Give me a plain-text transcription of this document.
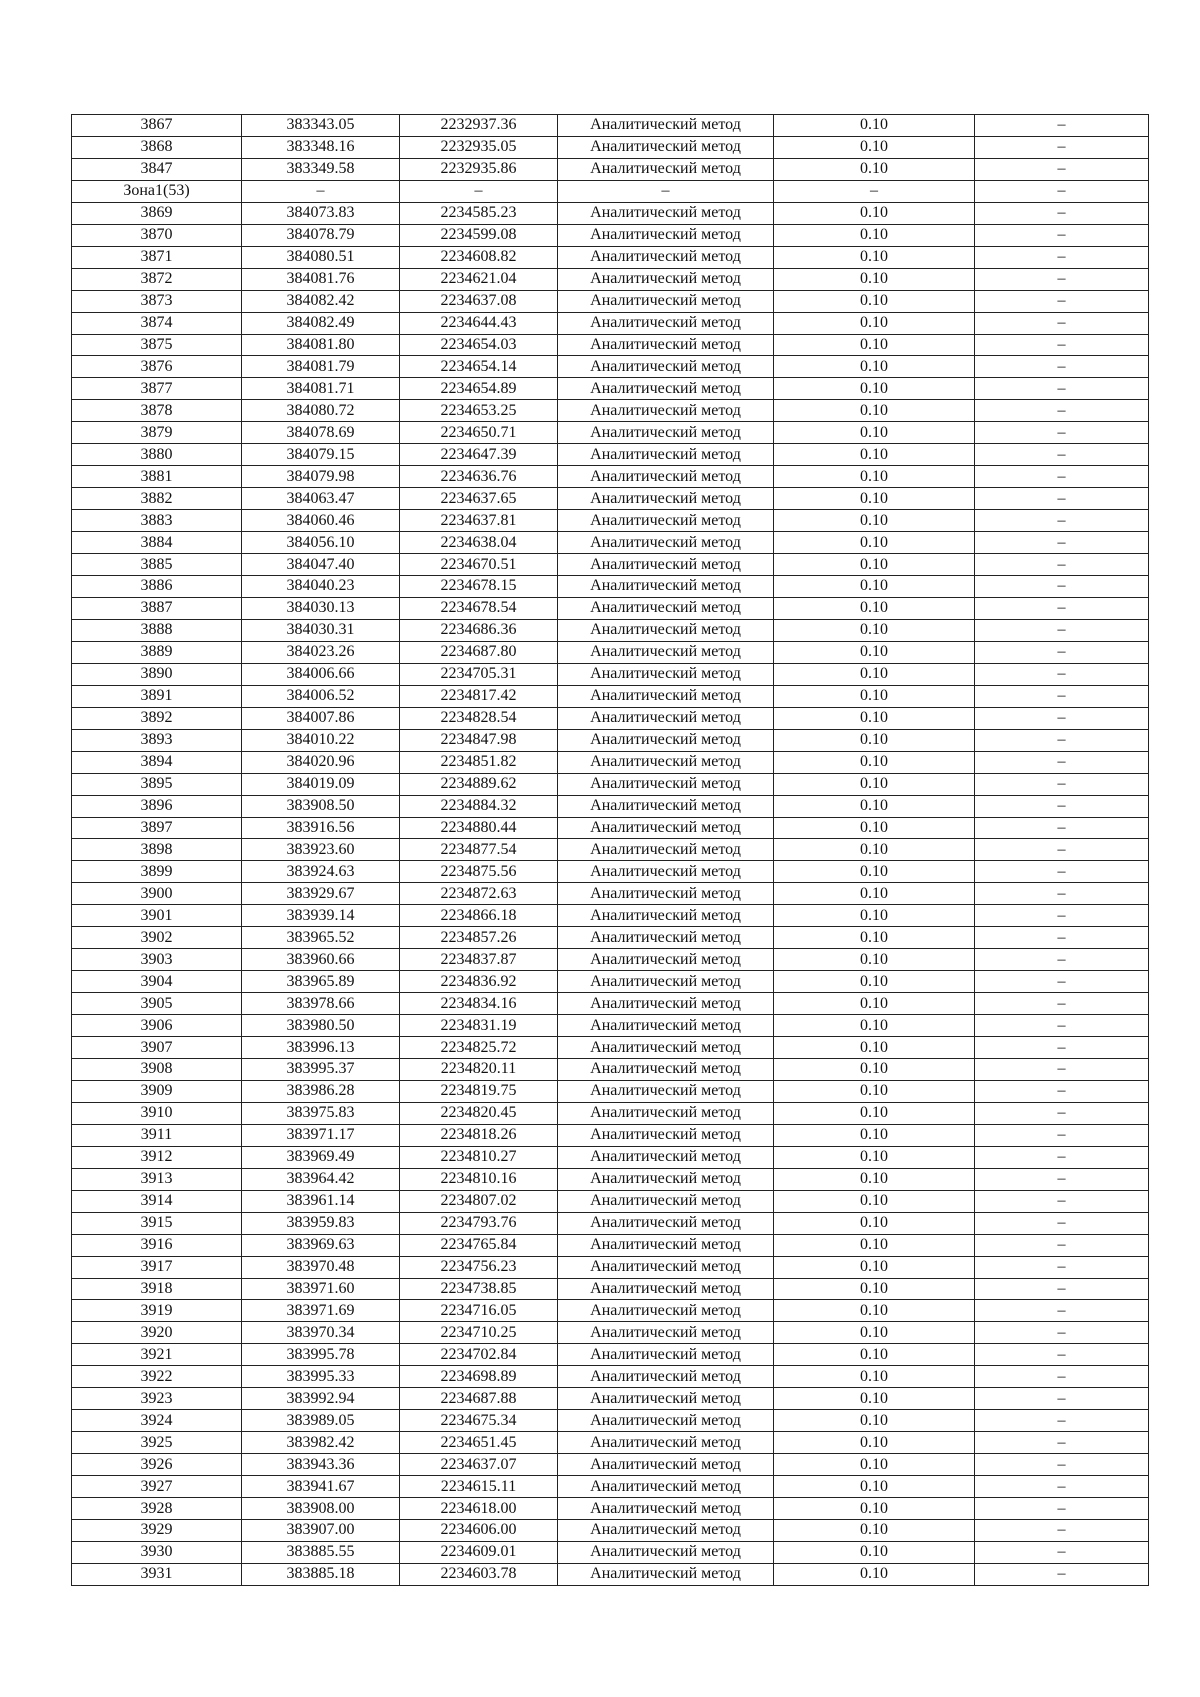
3867	383343.05	2232937.36	Аналитический метод	0.10	–
3868	383348.16	2232935.05	Аналитический метод	0.10	–
3847	383349.58	2232935.86	Аналитический метод	0.10	–
Зона1(53)	–	–	–	–	–
3869	384073.83	2234585.23	Аналитический метод	0.10	–
3870	384078.79	2234599.08	Аналитический метод	0.10	–
3871	384080.51	2234608.82	Аналитический метод	0.10	–
3872	384081.76	2234621.04	Аналитический метод	0.10	–
3873	384082.42	2234637.08	Аналитический метод	0.10	–
3874	384082.49	2234644.43	Аналитический метод	0.10	–
3875	384081.80	2234654.03	Аналитический метод	0.10	–
3876	384081.79	2234654.14	Аналитический метод	0.10	–
3877	384081.71	2234654.89	Аналитический метод	0.10	–
3878	384080.72	2234653.25	Аналитический метод	0.10	–
3879	384078.69	2234650.71	Аналитический метод	0.10	–
3880	384079.15	2234647.39	Аналитический метод	0.10	–
3881	384079.98	2234636.76	Аналитический метод	0.10	–
3882	384063.47	2234637.65	Аналитический метод	0.10	–
3883	384060.46	2234637.81	Аналитический метод	0.10	–
3884	384056.10	2234638.04	Аналитический метод	0.10	–
3885	384047.40	2234670.51	Аналитический метод	0.10	–
3886	384040.23	2234678.15	Аналитический метод	0.10	–
3887	384030.13	2234678.54	Аналитический метод	0.10	–
3888	384030.31	2234686.36	Аналитический метод	0.10	–
3889	384023.26	2234687.80	Аналитический метод	0.10	–
3890	384006.66	2234705.31	Аналитический метод	0.10	–
3891	384006.52	2234817.42	Аналитический метод	0.10	–
3892	384007.86	2234828.54	Аналитический метод	0.10	–
3893	384010.22	2234847.98	Аналитический метод	0.10	–
3894	384020.96	2234851.82	Аналитический метод	0.10	–
3895	384019.09	2234889.62	Аналитический метод	0.10	–
3896	383908.50	2234884.32	Аналитический метод	0.10	–
3897	383916.56	2234880.44	Аналитический метод	0.10	–
3898	383923.60	2234877.54	Аналитический метод	0.10	–
3899	383924.63	2234875.56	Аналитический метод	0.10	–
3900	383929.67	2234872.63	Аналитический метод	0.10	–
3901	383939.14	2234866.18	Аналитический метод	0.10	–
3902	383965.52	2234857.26	Аналитический метод	0.10	–
3903	383960.66	2234837.87	Аналитический метод	0.10	–
3904	383965.89	2234836.92	Аналитический метод	0.10	–
3905	383978.66	2234834.16	Аналитический метод	0.10	–
3906	383980.50	2234831.19	Аналитический метод	0.10	–
3907	383996.13	2234825.72	Аналитический метод	0.10	–
3908	383995.37	2234820.11	Аналитический метод	0.10	–
3909	383986.28	2234819.75	Аналитический метод	0.10	–
3910	383975.83	2234820.45	Аналитический метод	0.10	–
3911	383971.17	2234818.26	Аналитический метод	0.10	–
3912	383969.49	2234810.27	Аналитический метод	0.10	–
3913	383964.42	2234810.16	Аналитический метод	0.10	–
3914	383961.14	2234807.02	Аналитический метод	0.10	–
3915	383959.83	2234793.76	Аналитический метод	0.10	–
3916	383969.63	2234765.84	Аналитический метод	0.10	–
3917	383970.48	2234756.23	Аналитический метод	0.10	–
3918	383971.60	2234738.85	Аналитический метод	0.10	–
3919	383971.69	2234716.05	Аналитический метод	0.10	–
3920	383970.34	2234710.25	Аналитический метод	0.10	–
3921	383995.78	2234702.84	Аналитический метод	0.10	–
3922	383995.33	2234698.89	Аналитический метод	0.10	–
3923	383992.94	2234687.88	Аналитический метод	0.10	–
3924	383989.05	2234675.34	Аналитический метод	0.10	–
3925	383982.42	2234651.45	Аналитический метод	0.10	–
3926	383943.36	2234637.07	Аналитический метод	0.10	–
3927	383941.67	2234615.11	Аналитический метод	0.10	–
3928	383908.00	2234618.00	Аналитический метод	0.10	–
3929	383907.00	2234606.00	Аналитический метод	0.10	–
3930	383885.55	2234609.01	Аналитический метод	0.10	–
3931	383885.18	2234603.78	Аналитический метод	0.10	–
